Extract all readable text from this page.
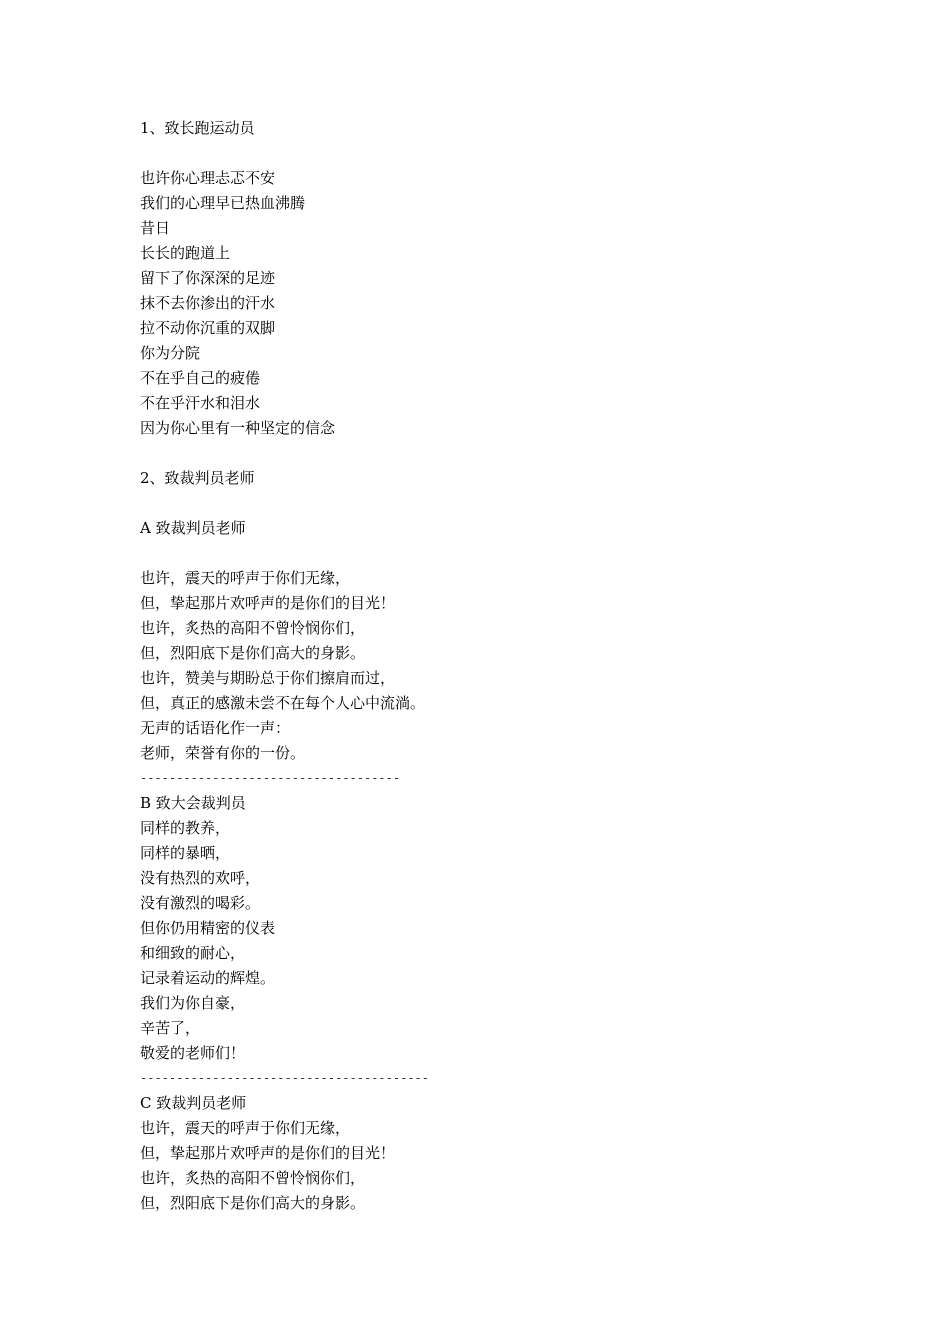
1、致长跑运动员
也许你心理忐忑不安
我们的心理早已热血沸腾
昔日
长长的跑道上
留下了你深深的足迹
抹不去你渗出的汗水
拉不动你沉重的双脚
你为分院
不在乎自己的疲倦
不在乎汗水和泪水
因为你心里有一种坚定的信念
2、致裁判员老师
A 致裁判员老师
也许，震天的呼声于你们无缘，
但，挚起那片欢呼声的是你们的目光！
也许，炙热的高阳不曾怜悯你们，
但，烈阳底下是你们高大的身影。
也许，赞美与期盼总于你们擦肩而过，
但，真正的感激未尝不在每个人心中流淌。
无声的话语化作一声：
老师，荣誉有你的一份。
------------------------------------
B 致大会裁判员
同样的教养，
同样的暴晒，
没有热烈的欢呼，
没有激烈的喝彩。
但你仍用精密的仪表
和细致的耐心，
记录着运动的辉煌。
我们为你自豪，
辛苦了，
敬爱的老师们！
----------------------------------------
C 致裁判员老师
也许，震天的呼声于你们无缘，
但，挚起那片欢呼声的是你们的目光！
也许，炙热的高阳不曾怜悯你们，
但，烈阳底下是你们高大的身影。
